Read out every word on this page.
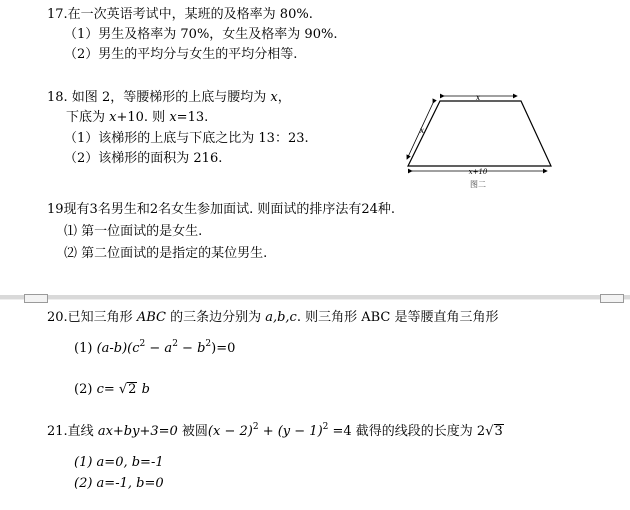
17.在一次英语考试中，某班的及格率为 80%.
（1）男生及格率为 70%，女生及格率为 90%.
（2）男生的平均分与女生的平均分相等.
18. 如图 2，等腰梯形的上底与腰均为 x，
下底为 x+10. 则 x=13.
（1）该梯形的上底与下底之比为 13：23.
（2）该梯形的面积为 216.
x
x
x+10
图二
19现有3名男生和2名女生参加面试. 则面试的排序法有24种.
⑴ 第一位面试的是女生.
⑵ 第二位面试的是指定的某位男生.
20.已知三角形 ABC 的三条边分别为 a,b,c. 则三角形 ABC 是等腰直角三角形
(1) $(a-b)(c^2 - a^2 - b^2)=0$
(2) c= √2 b
21.直线 ax+by+3=0 被圆$(x - 2)^2 + (y - 1)^2 =4$ 截得的线段的长度为 2√3
(1) a=0, b=-1
(2) a=-1, b=0
